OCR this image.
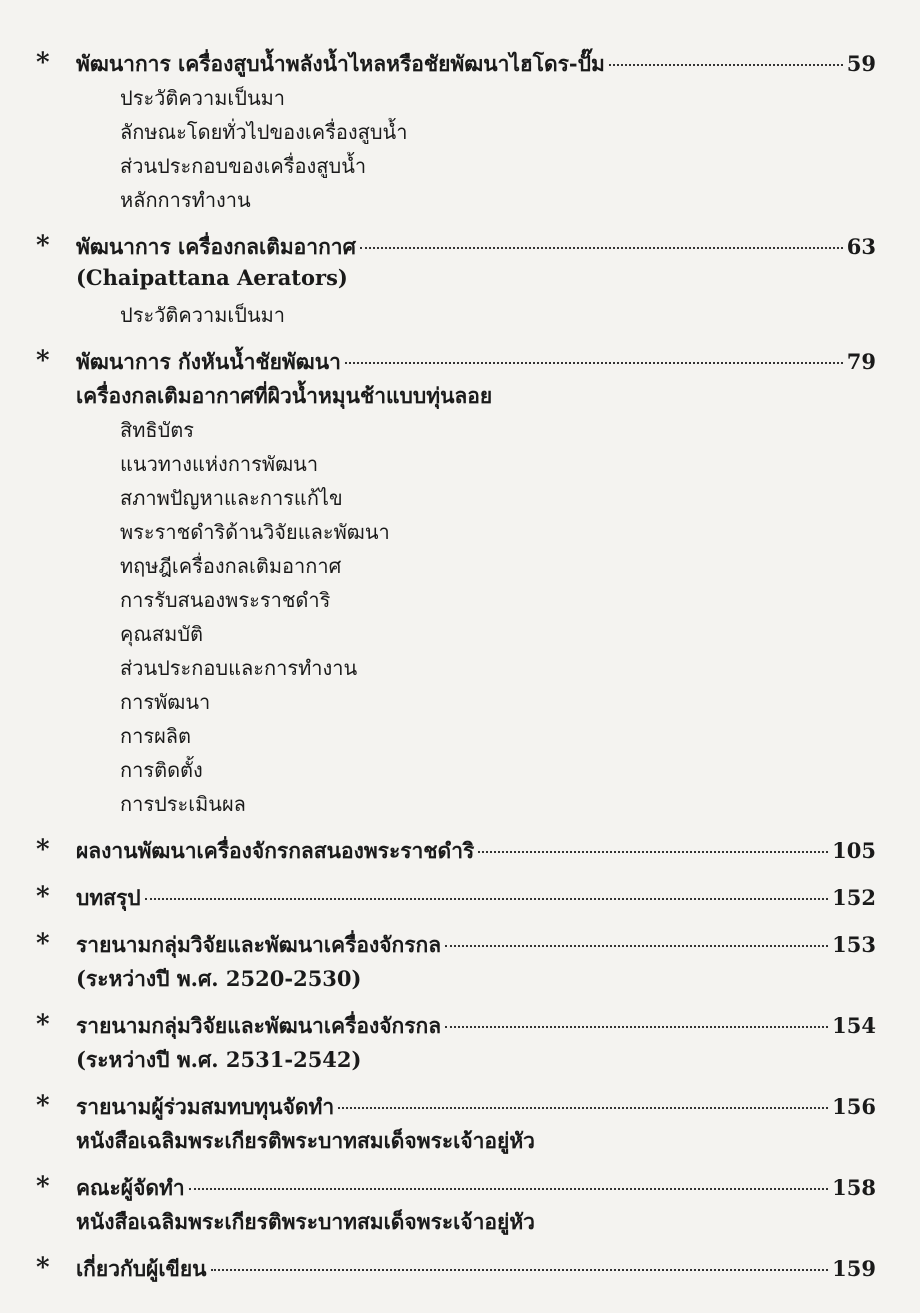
*	พัฒนาการ เครื่องสูบน้ำพลังน้ำไหลหรือชัยพัฒนาไฮโดร-ปั๊ม	59
ประวัติความเป็นมา
ลักษณะโดยทั่วไปของเครื่องสูบน้ำ
ส่วนประกอบของเครื่องสูบน้ำ
หลักการทำงาน
*	พัฒนาการ เครื่องกลเติมอากาศ	63
(Chaipattana Aerators)
ประวัติความเป็นมา
*	พัฒนาการ กังหันน้ำชัยพัฒนา	79
เครื่องกลเติมอากาศที่ผิวน้ำหมุนช้าแบบทุ่นลอย
สิทธิบัตร
แนวทางแห่งการพัฒนา
สภาพปัญหาและการแก้ไข
พระราชดำริด้านวิจัยและพัฒนา
ทฤษฎีเครื่องกลเติมอากาศ
การรับสนองพระราชดำริ
คุณสมบัติ
ส่วนประกอบและการทำงาน
การพัฒนา
การผลิต
การติดตั้ง
การประเมินผล
*	ผลงานพัฒนาเครื่องจักรกลสนองพระราชดำริ	105
*	บทสรุป	152
*	รายนามกลุ่มวิจัยและพัฒนาเครื่องจักรกล	153
(ระหว่างปี พ.ศ. 2520-2530)
*	รายนามกลุ่มวิจัยและพัฒนาเครื่องจักรกล	154
(ระหว่างปี พ.ศ. 2531-2542)
*	รายนามผู้ร่วมสมทบทุนจัดทำ	156
หนังสือเฉลิมพระเกียรติพระบาทสมเด็จพระเจ้าอยู่หัว
*	คณะผู้จัดทำ	158
หนังสือเฉลิมพระเกียรติพระบาทสมเด็จพระเจ้าอยู่หัว
*	เกี่ยวกับผู้เขียน	159
